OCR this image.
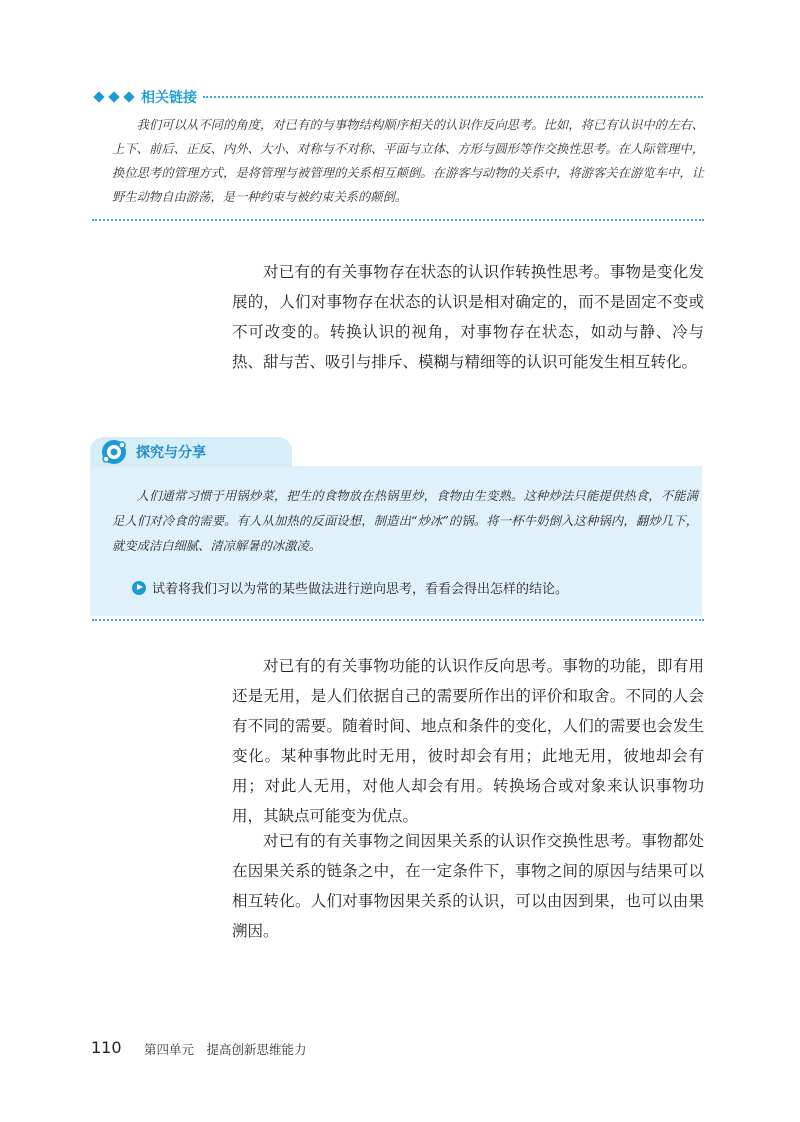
相关链接
我们可以从不同的角度，对已有的与事物结构顺序相关的认识作反向思考。比如，将已有认识中的左右、上下、前后、正反、内外、大小、对称与不对称、平面与立体、方形与圆形等作交换性思考。在人际管理中，换位思考的管理方式，是将管理与被管理的关系相互颠倒。在游客与动物的关系中，将游客关在游览车中，让野生动物自由游荡，是一种约束与被约束关系的颠倒。
对已有的有关事物存在状态的认识作转换性思考。事物是变化发展的，人们对事物存在状态的认识是相对确定的，而不是固定不变或不可改变的。转换认识的视角，对事物存在状态，如动与静、冷与热、甜与苦、吸引与排斥、模糊与精细等的认识可能发生相互转化。
探究与分享
人们通常习惯于用锅炒菜，把生的食物放在热锅里炒，食物由生变熟。这种炒法只能提供热食，不能满足人们对冷食的需要。有人从加热的反面设想，制造出“炒冰”的锅。将一杯牛奶倒入这种锅内，翻炒几下，就变成洁白细腻、清凉解暑的冰激凌。
试着将我们习以为常的某些做法进行逆向思考，看看会得出怎样的结论。
对已有的有关事物功能的认识作反向思考。事物的功能，即有用还是无用，是人们依据自己的需要所作出的评价和取舍。不同的人会有不同的需要。随着时间、地点和条件的变化，人们的需要也会发生变化。某种事物此时无用，彼时却会有用；此地无用，彼地却会有用；对此人无用，对他人却会有用。转换场合或对象来认识事物功用，其缺点可能变为优点。
对已有的有关事物之间因果关系的认识作交换性思考。事物都处在因果关系的链条之中，在一定条件下，事物之间的原因与结果可以相互转化。人们对事物因果关系的认识，可以由因到果，也可以由果溯因。
110 第四单元　提高创新思维能力
